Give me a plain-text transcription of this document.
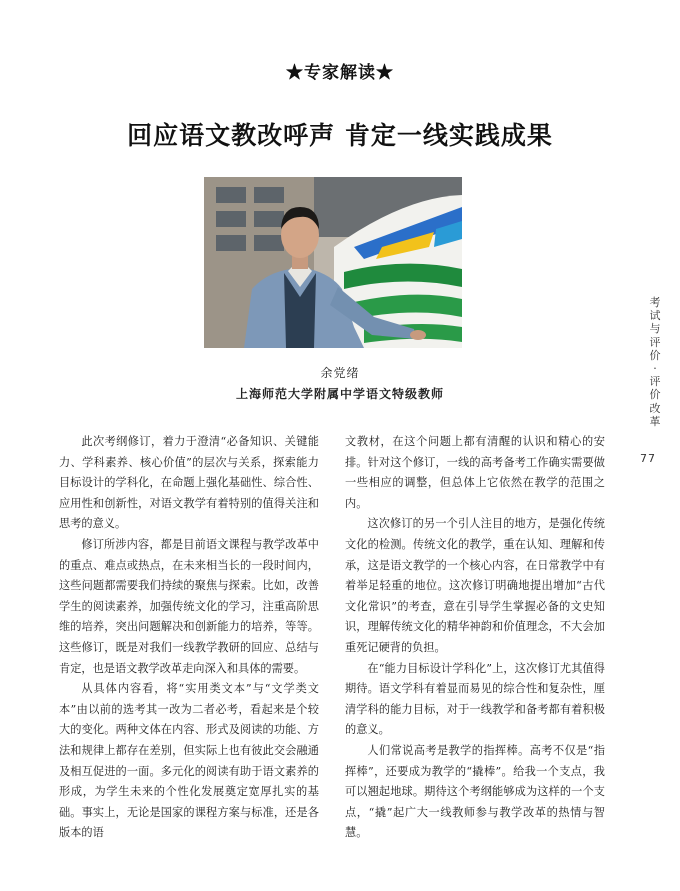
★专家解读★
回应语文教改呼声 肯定一线实践成果
余党绪
上海师范大学附属中学语文特级教师

此次考纲修订，着力于澄清“必备知识、关键能力、学科素养、核心价值”的层次与关系，探索能力目标设计的学科化，在命题上强化基础性、综合性、应用性和创新性，对语文教学有着特别的值得关注和思考的意义。

修订所涉内容，都是目前语文课程与教学改革中的重点、难点或热点，在未来相当长的一段时间内，这些问题都需要我们持续的聚焦与探索。比如，改善学生的阅读素养，加强传统文化的学习，注重高阶思维的培养，突出问题解决和创新能力的培养，等等。这些修订，既是对我们一线教学教研的回应、总结与肯定，也是语文教学改革走向深入和具体的需要。

从具体内容看，将“实用类文本”与“文学类文本”由以前的选考其一改为二者必考，看起来是个较大的变化。两种文体在内容、形式及阅读的功能、方法和规律上都存在差别，但实际上也有彼此交会融通及相互促进的一面。多元化的阅读有助于语文素养的形成，为学生未来的个性化发展奠定宽厚扎实的基础。事实上，无论是国家的课程方案与标准，还是各版本的语

文教材，在这个问题上都有清醒的认识和精心的安排。针对这个修订，一线的高考备考工作确实需要做一些相应的调整，但总体上它依然在教学的范围之内。

这次修订的另一个引人注目的地方，是强化传统文化的检测。传统文化的教学，重在认知、理解和传承，这是语文教学的一个核心内容，在日常教学中有着举足轻重的地位。这次修订明确地提出增加“古代文化常识”的考查，意在引导学生掌握必备的文史知识，理解传统文化的精华神韵和价值理念，不大会加重死记硬背的负担。

在“能力目标设计学科化”上，这次修订尤其值得期待。语文学科有着显而易见的综合性和复杂性，厘清学科的能力目标，对于一线教学和备考都有着积极的意义。

人们常说高考是教学的指挥棒。高考不仅是“指挥棒”，还要成为教学的“撬棒”。给我一个支点，我可以翘起地球。期待这个考纲能够成为这样的一个支点，“撬”起广大一线教师参与教学改革的热情与智慧。

考试与评价·评价改革
77
